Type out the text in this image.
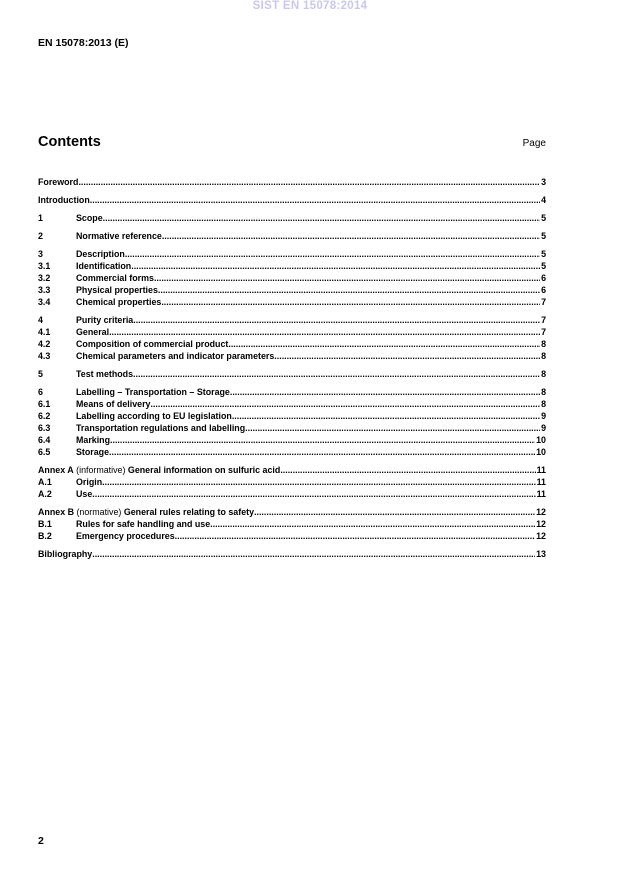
SIST EN 15078:2014
EN 15078:2013 (E)
Contents	Page
Foreword .....	3
Introduction .....	4
1	Scope .....	5
2	Normative reference .....	5
3	Description .....	5
3.1	Identification .....	5
3.2	Commercial forms .....	6
3.3	Physical properties .....	6
3.4	Chemical properties .....	7
4	Purity criteria .....	7
4.1	General .....	7
4.2	Composition of commercial product .....	8
4.3	Chemical parameters and indicator parameters .....	8
5	Test methods .....	8
6	Labelling – Transportation – Storage .....	8
6.1	Means of delivery .....	8
6.2	Labelling according to EU legislation .....	9
6.3	Transportation regulations and labelling .....	9
6.4	Marking .....	10
6.5	Storage .....	10
Annex A (informative) General information on sulfuric acid .....	11
A.1	Origin .....	11
A.2	Use .....	11
Annex B (normative) General rules relating to safety .....	12
B.1	Rules for safe handling and use .....	12
B.2	Emergency procedures .....	12
Bibliography .....	13
2
